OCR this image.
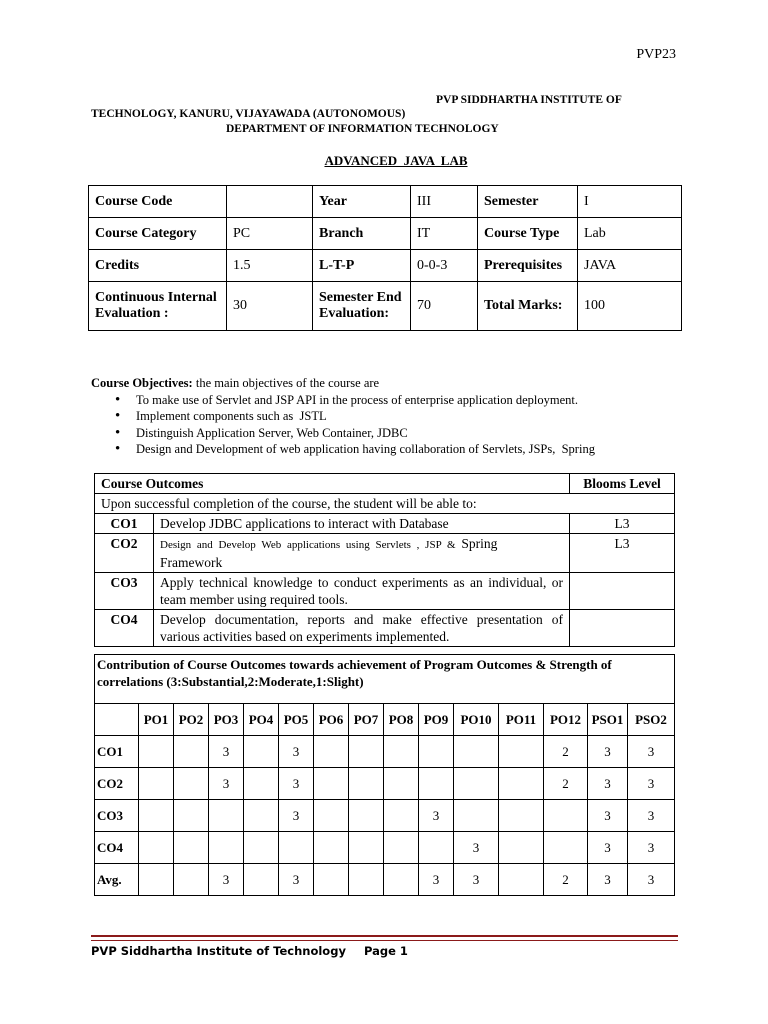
PVP23
PVP SIDDHARTHA INSTITUTE OF
TECHNOLOGY, KANURU, VIJAYAWADA (AUTONOMOUS)
DEPARTMENT OF INFORMATION TECHNOLOGY
ADVANCED  JAVA  LAB
Course Code		Year	III	Semester	I
Course Category	PC	Branch	IT	Course Type	Lab
Credits	1.5	L-T-P	0-0-3	Prerequisites	JAVA
Continuous Internal Evaluation :	30	Semester End Evaluation:	70	Total Marks:	100
Course Objectives: the main objectives of the course are
• To make use of Servlet and JSP API in the process of enterprise application deployment.
• Implement components such as  JSTL
• Distinguish Application Server, Web Container, JDBC
• Design and Development of web application having collaboration of Servlets, JSPs,  Spring
Course Outcomes		Blooms Level
Upon successful completion of the course, the student will be able to:		
CO1	Develop JDBC applications to interact with Database	L3
CO2	Design and Develop Web applications using Servlets , JSP & Spring Framework	L3
CO3	Apply technical knowledge to conduct experiments as an individual, or team member using required tools.	
CO4	Develop documentation, reports and make effective presentation of various activities based on experiments implemented.	
Contribution of Course Outcomes towards achievement of Program Outcomes & Strength of correlations (3:Substantial,2:Moderate,1:Slight)														
	PO1	PO2	PO3	PO4	PO5	PO6	PO7	PO8	PO9	PO10	PO11	PO12	PSO1	PSO2
CO1			3		3							2	3	3
CO2			3		3							2	3	3
CO3					3				3				3	3
CO4										3			3	3
Avg.			3		3				3	3		2	3	3
PVP Siddhartha Institute of Technology Page 1
